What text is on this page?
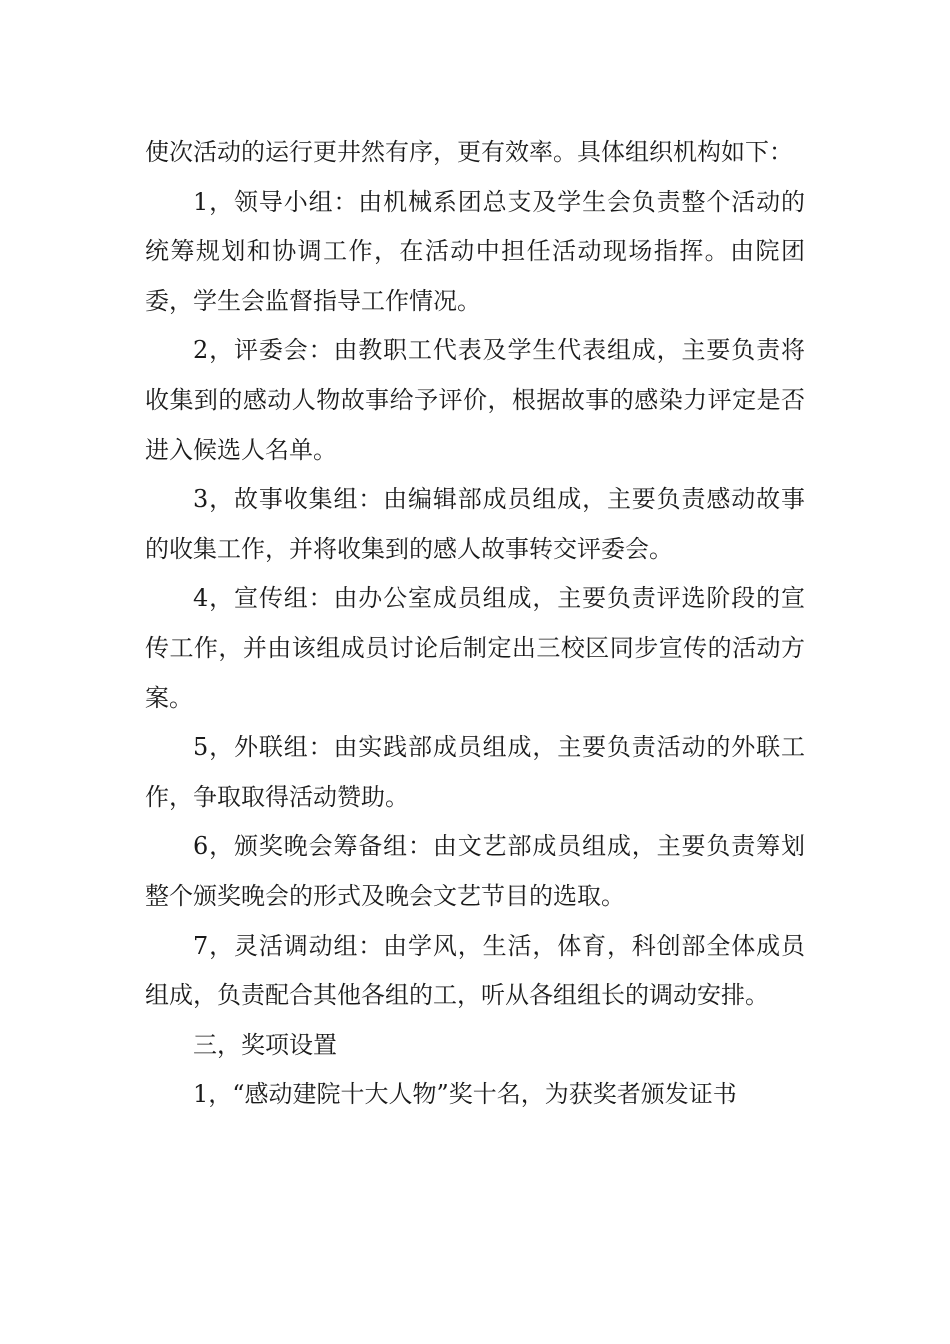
使次活动的运行更井然有序，更有效率。具体组织机构如下：

1，领导小组：由机械系团总支及学生会负责整个活动的统筹规划和协调工作，在活动中担任活动现场指挥。由院团委，学生会监督指导工作情况。

2，评委会：由教职工代表及学生代表组成，主要负责将收集到的感动人物故事给予评价，根据故事的感染力评定是否进入候选人名单。

3，故事收集组：由编辑部成员组成，主要负责感动故事的收集工作，并将收集到的感人故事转交评委会。

4，宣传组：由办公室成员组成，主要负责评选阶段的宣传工作，并由该组成员讨论后制定出三校区同步宣传的活动方案。

5，外联组：由实践部成员组成，主要负责活动的外联工作，争取取得活动赞助。

6，颁奖晚会筹备组：由文艺部成员组成，主要负责筹划整个颁奖晚会的形式及晚会文艺节目的选取。

7，灵活调动组：由学风，生活，体育，科创部全体成员组成，负责配合其他各组的工，听从各组组长的调动安排。

三，奖项设置

1，“感动建院十大人物”奖十名，为获奖者颁发证书
